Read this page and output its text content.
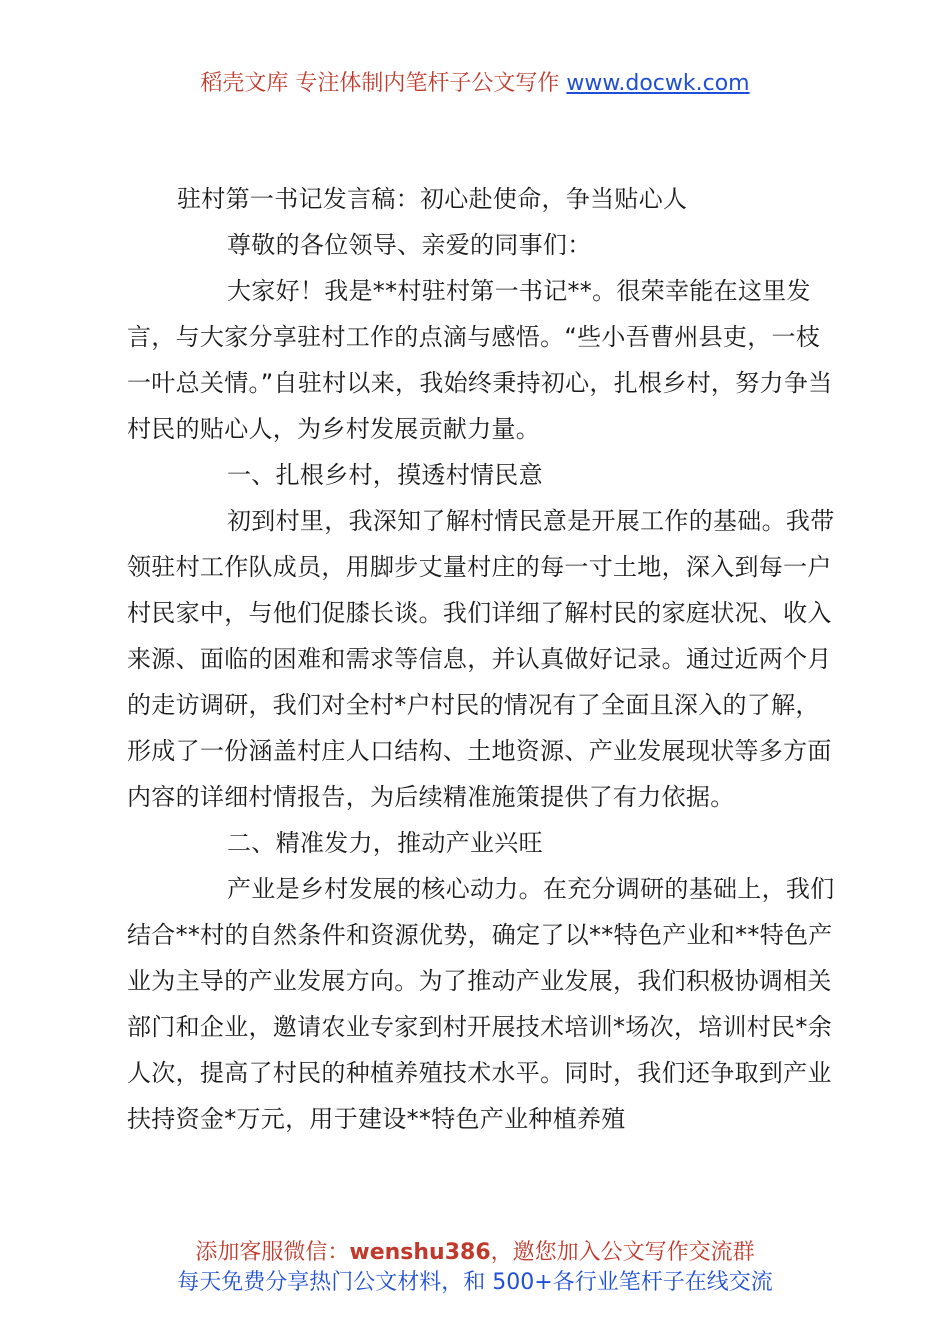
稻壳文库 专注体制内笔杆子公文写作 www.docwk.com

驻村第一书记发言稿：初心赴使命，争当贴心人

尊敬的各位领导、亲爱的同事们：

大家好！我是**村驻村第一书记**。很荣幸能在这里发言，与大家分享驻村工作的点滴与感悟。“些小吾曹州县吏，一枝一叶总关情。”自驻村以来，我始终秉持初心，扎根乡村，努力争当村民的贴心人，为乡村发展贡献力量。

一、扎根乡村，摸透村情民意

初到村里，我深知了解村情民意是开展工作的基础。我带领驻村工作队成员，用脚步丈量村庄的每一寸土地，深入到每一户村民家中，与他们促膝长谈。我们详细了解村民的家庭状况、收入来源、面临的困难和需求等信息，并认真做好记录。通过近两个月的走访调研，我们对全村*户村民的情况有了全面且深入的了解，形成了一份涵盖村庄人口结构、土地资源、产业发展现状等多方面内容的详细村情报告，为后续精准施策提供了有力依据。

二、精准发力，推动产业兴旺

产业是乡村发展的核心动力。在充分调研的基础上，我们结合**村的自然条件和资源优势，确定了以**特色产业和**特色产业为主导的产业发展方向。为了推动产业发展，我们积极协调相关部门和企业，邀请农业专家到村开展技术培训*场次，培训村民*余人次，提高了村民的种植养殖技术水平。同时，我们还争取到产业扶持资金*万元，用于建设**特色产业种植养殖

添加客服微信：wenshu386，邀您加入公文写作交流群
每天免费分享热门公文材料，和 500+各行业笔杆子在线交流
